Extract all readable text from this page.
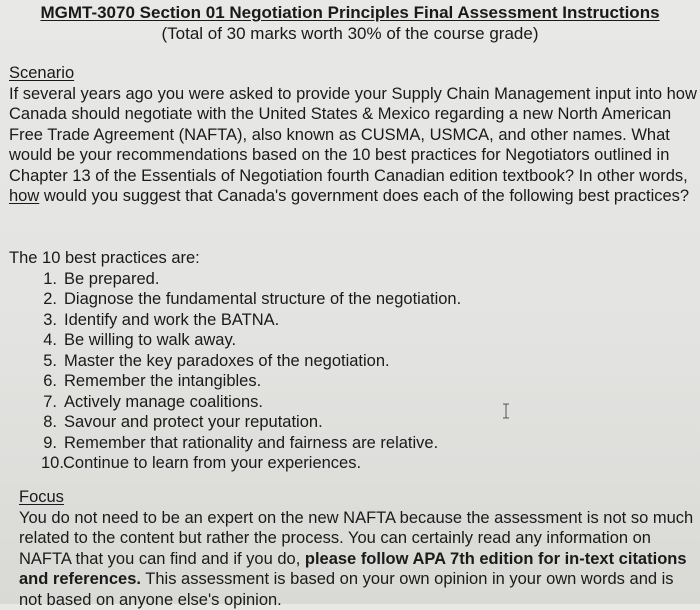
MGMT-3070 Section 01 Negotiation Principles Final Assessment Instructions
(Total of 30 marks worth 30% of the course grade)
Scenario

If several years ago you were asked to provide your Supply Chain Management input into how Canada should negotiate with the United States & Mexico regarding a new North American Free Trade Agreement (NAFTA), also known as CUSMA, USMCA, and other names. What would be your recommendations based on the 10 best practices for Negotiators outlined in Chapter 13 of the Essentials of Negotiation fourth Canadian edition textbook? In other words, how would you suggest that Canada's government does each of the following best practices?

The 10 best practices are:
1. Be prepared.
2. Diagnose the fundamental structure of the negotiation.
3. Identify and work the BATNA.
4. Be willing to walk away.
5. Master the key paradoxes of the negotiation.
6. Remember the intangibles.
7. Actively manage coalitions.
8. Savour and protect your reputation.
9. Remember that rationality and fairness are relative.
10. Continue to learn from your experiences.
Focus

You do not need to be an expert on the new NAFTA because the assessment is not so much related to the content but rather the process. You can certainly read any information on NAFTA that you can find and if you do, please follow APA 7th edition for in-text citations and references. This assessment is based on your own opinion in your own words and is not based on anyone else's opinion.
